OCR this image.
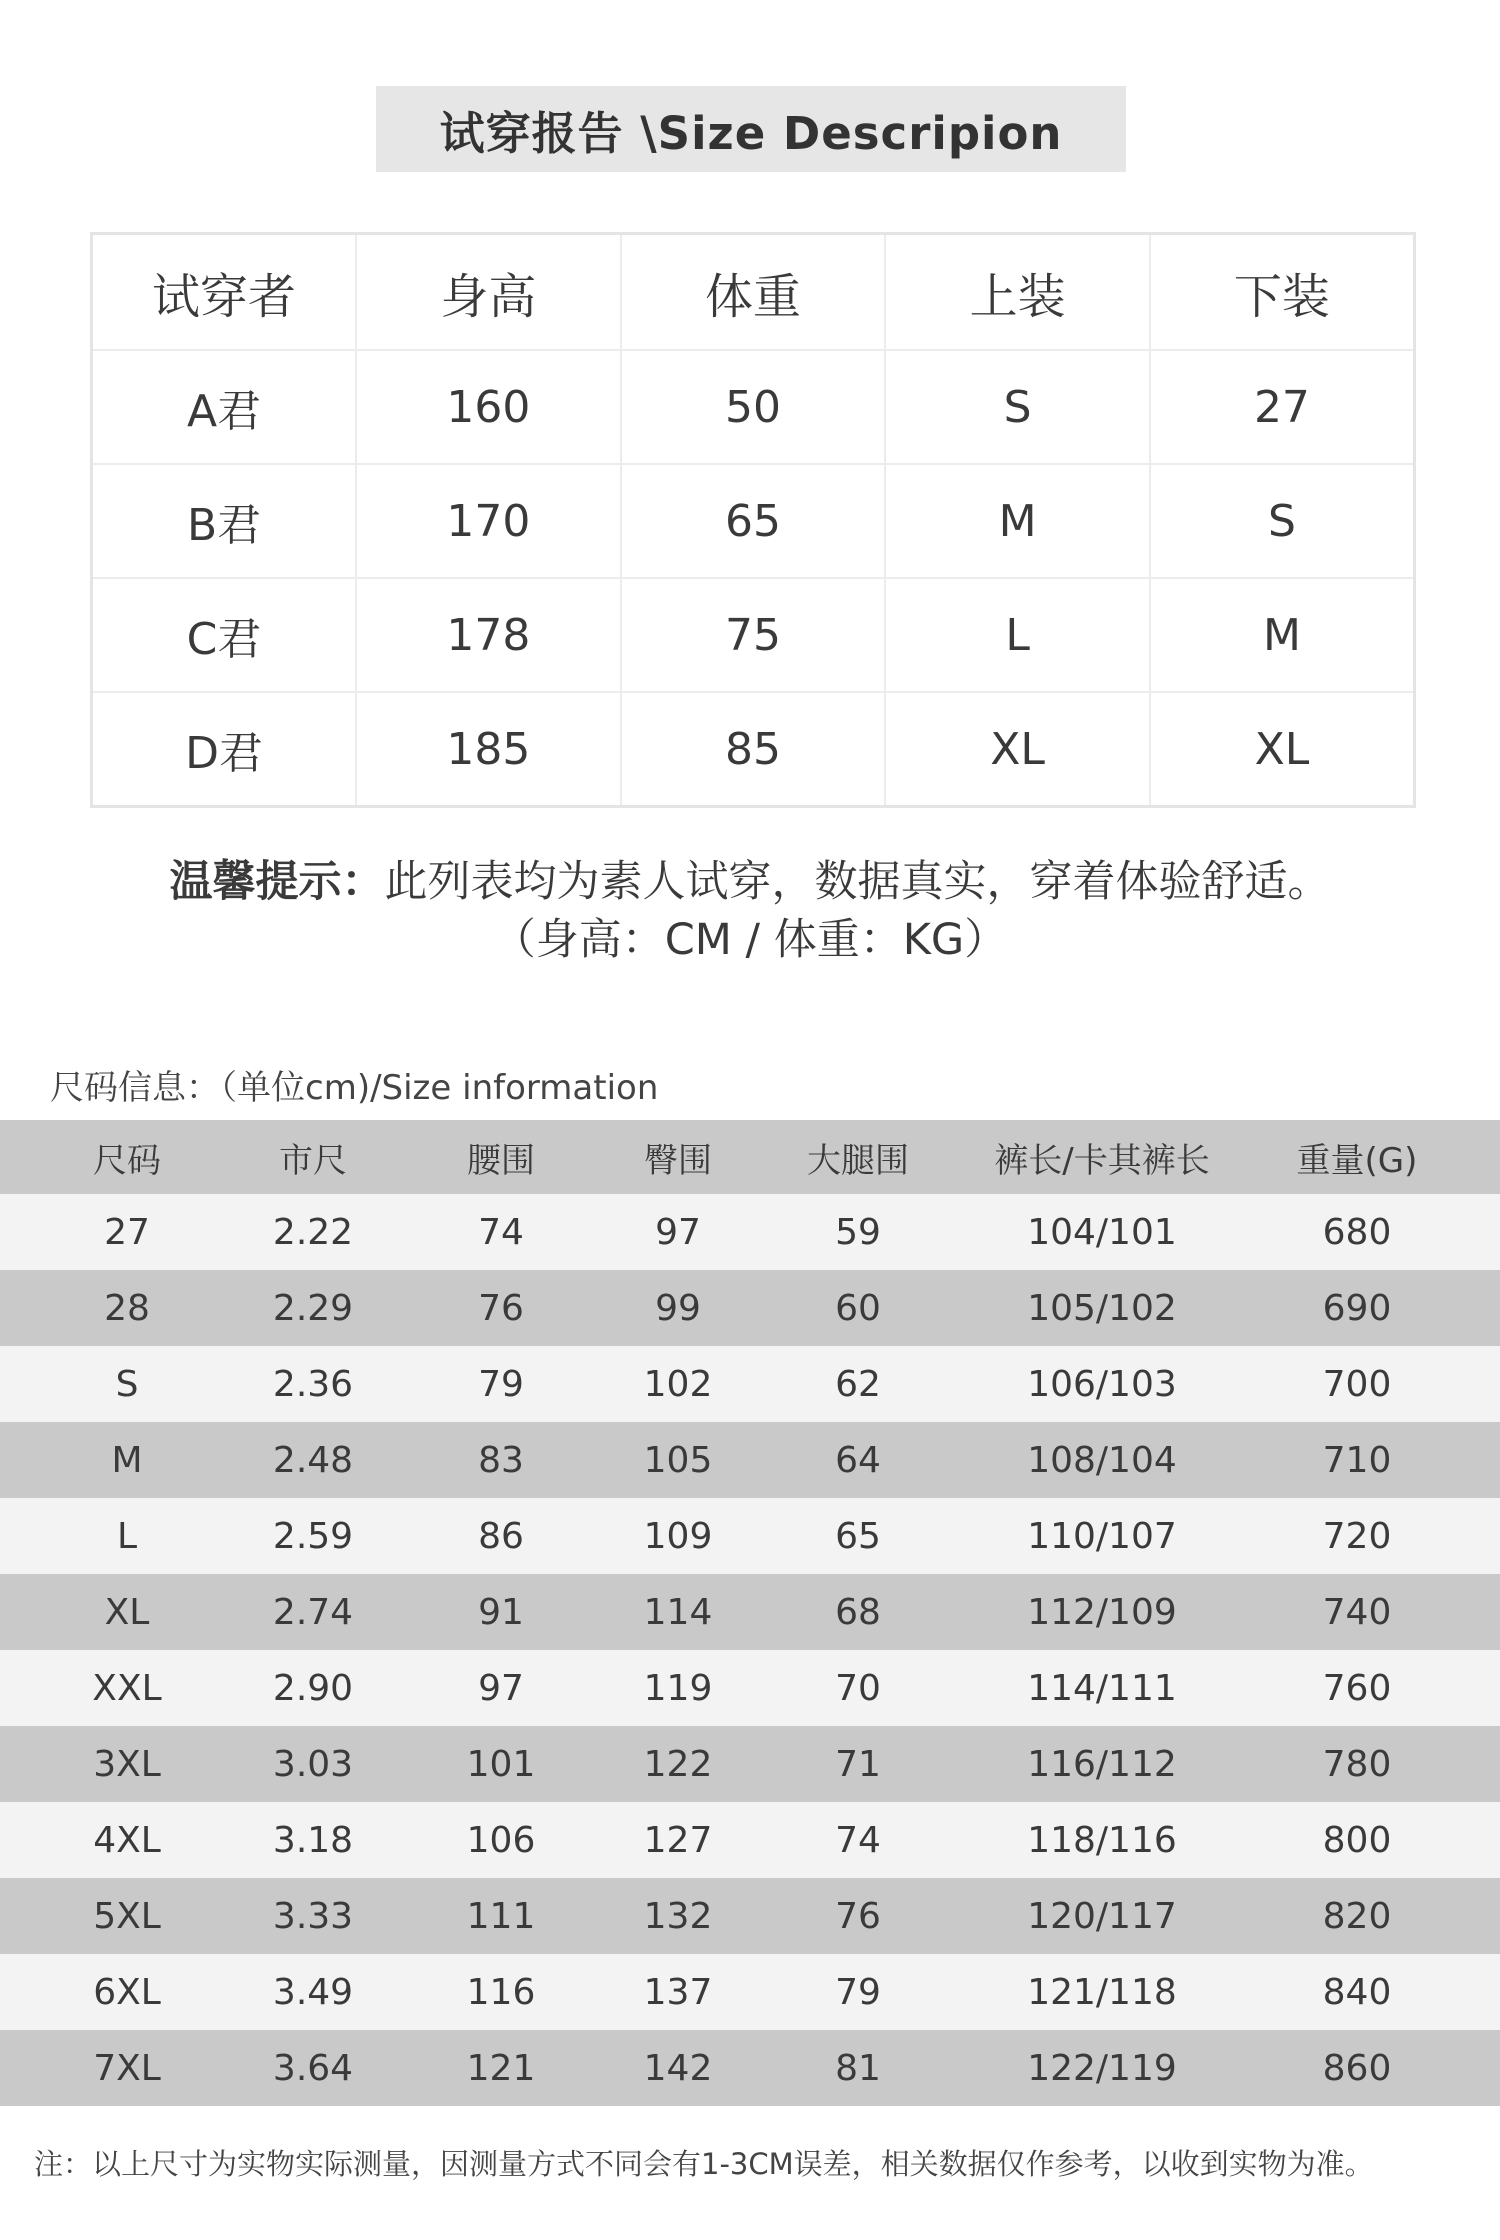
试穿报告 \Size Descripion
试穿者	身高	体重	上装	下装
A君	160	50	S	27
B君	170	65	M	S
C君	178	75	L	M
D君	185	85	XL	XL
温馨提示：此列表均为素人试穿，数据真实，穿着体验舒适。
（身高：CM / 体重：KG）
尺码信息：（单位cm)/Size information
尺码	市尺	腰围	臀围	大腿围	裤长/卡其裤长	重量(G)
27	2.22	74	97	59	104/101	680
28	2.29	76	99	60	105/102	690
S	2.36	79	102	62	106/103	700
M	2.48	83	105	64	108/104	710
L	2.59	86	109	65	110/107	720
XL	2.74	91	114	68	112/109	740
XXL	2.90	97	119	70	114/111	760
3XL	3.03	101	122	71	116/112	780
4XL	3.18	106	127	74	118/116	800
5XL	3.33	111	132	76	120/117	820
6XL	3.49	116	137	79	121/118	840
7XL	3.64	121	142	81	122/119	860
注：以上尺寸为实物实际测量，因测量方式不同会有1-3CM误差，相关数据仅作参考，以收到实物为准。
